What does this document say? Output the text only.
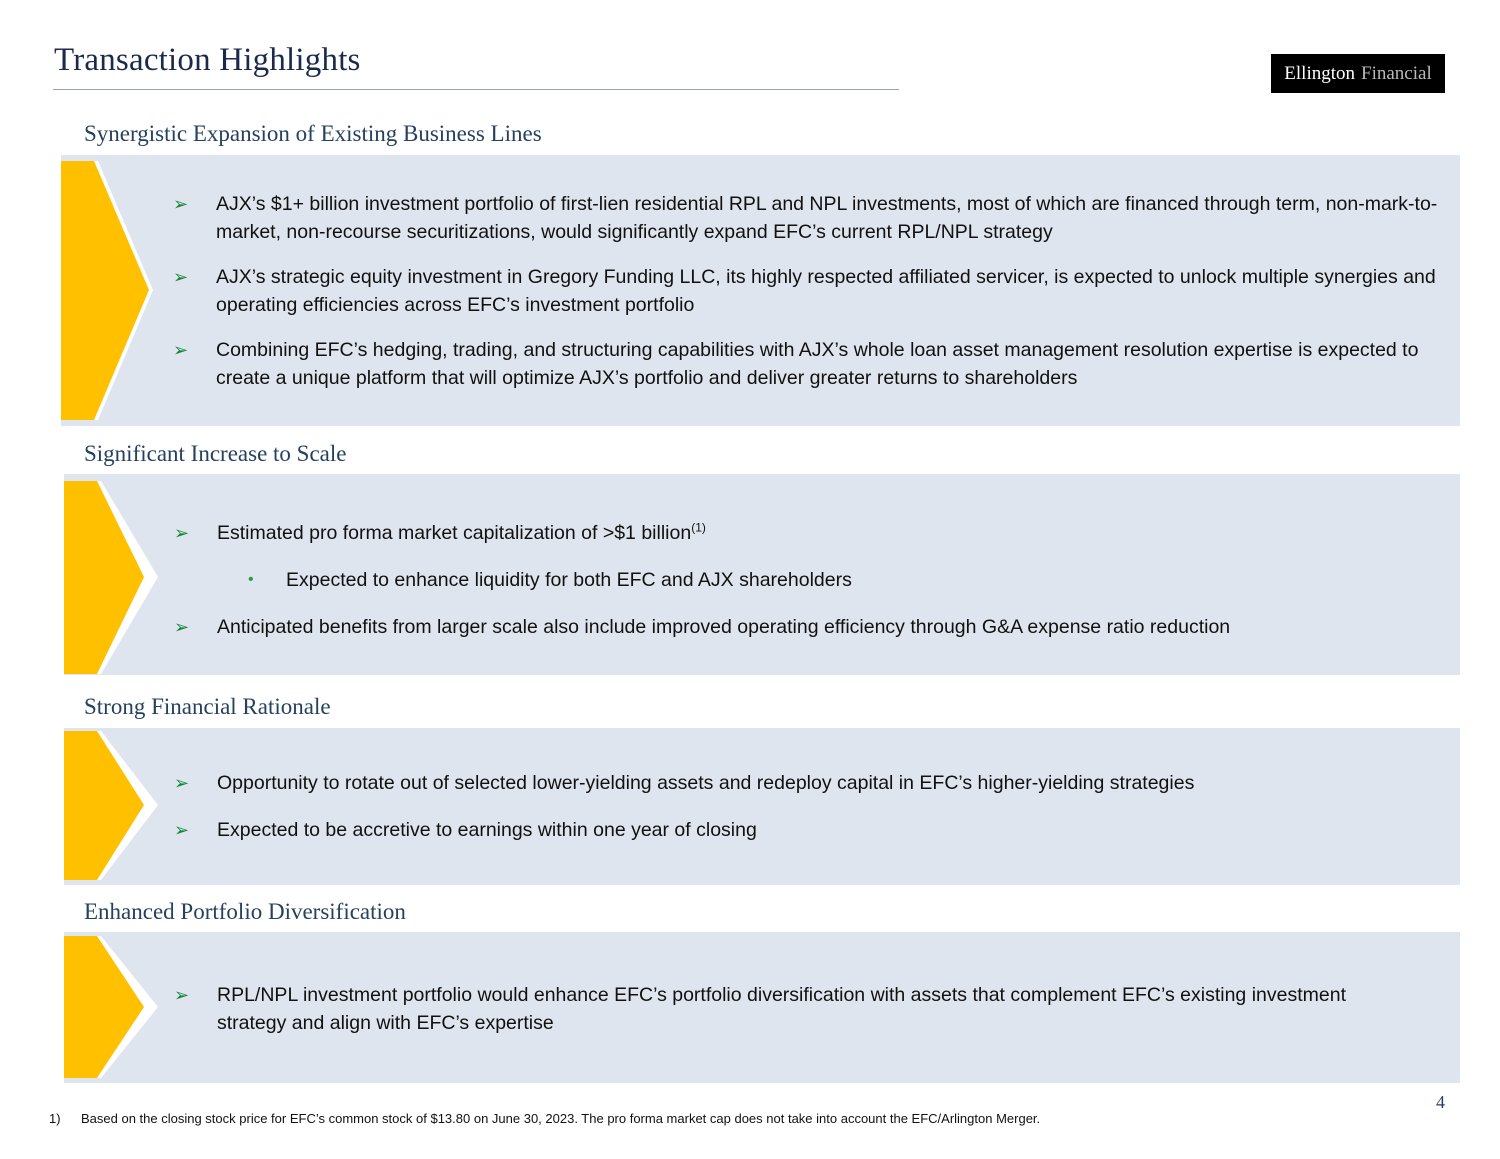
Transaction Highlights	Ellington Financial
Synergistic Expansion of Existing Business Lines
➢ AJX’s $1+ billion investment portfolio of first-lien residential RPL and NPL investments, most of which are financed through term, non-mark-to-market, non-recourse securitizations, would significantly expand EFC’s current RPL/NPL strategy
➢ AJX’s strategic equity investment in Gregory Funding LLC, its highly respected affiliated servicer, is expected to unlock multiple synergies and operating efficiencies across EFC’s investment portfolio
➢ Combining EFC’s hedging, trading, and structuring capabilities with AJX’s whole loan asset management resolution expertise is expected to create a unique platform that will optimize AJX’s portfolio and deliver greater returns to shareholders
Significant Increase to Scale
➢ Estimated pro forma market capitalization of >$1 billion$^{(1)}$
• Expected to enhance liquidity for both EFC and AJX shareholders
➢ Anticipated benefits from larger scale also include improved operating efficiency through G&A expense ratio reduction
Strong Financial Rationale
➢ Opportunity to rotate out of selected lower-yielding assets and redeploy capital in EFC’s higher-yielding strategies
➢ Expected to be accretive to earnings within one year of closing
Enhanced Portfolio Diversification
➢ RPL/NPL investment portfolio would enhance EFC’s portfolio diversification with assets that complement EFC’s existing investment strategy and align with EFC’s expertise
4
1) Based on the closing stock price for EFC’s common stock of $13.80 on June 30, 2023. The pro forma market cap does not take into account the EFC/Arlington Merger.
